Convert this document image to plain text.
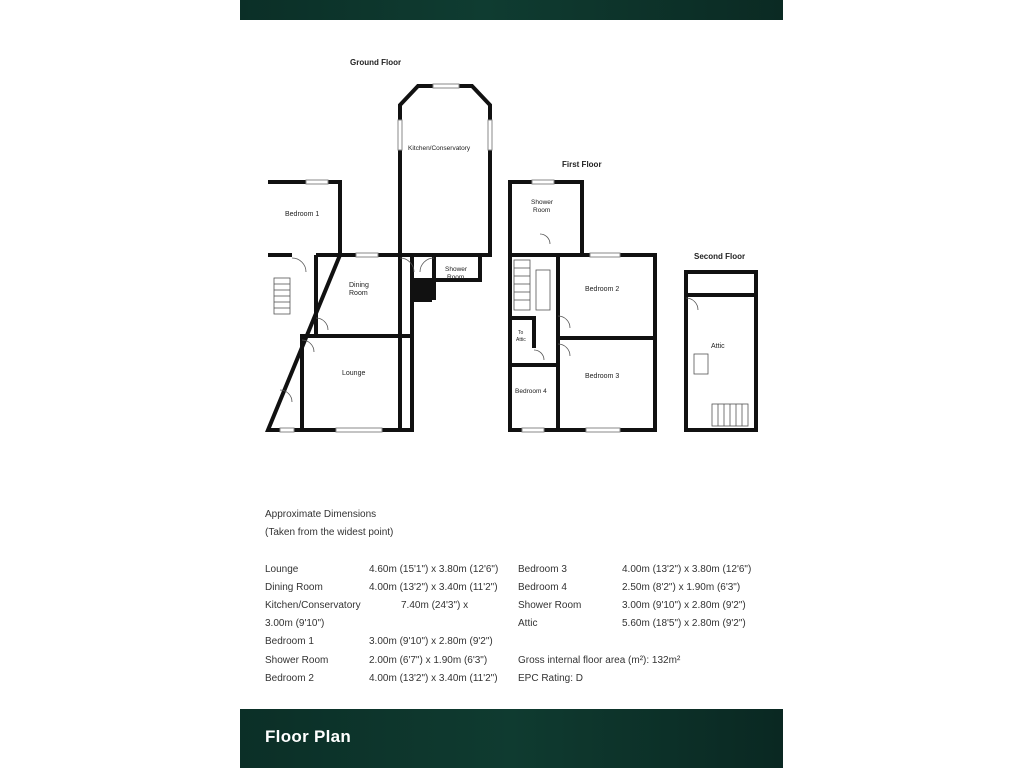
Ground Floor
First Floor
Second Floor
Kitchen/Conservatory
Bedroom 1
Dining
Room
Shower
Room
Lounge
Shower
Room
Bedroom 2
To
Attic
Bedroom 3
Bedroom 4
Attic
Approximate Dimensions
(Taken from the widest point)
Lounge	4.60m (15'1") x 3.80m (12'6")
Dining Room	4.00m (13'2") x 3.40m (11'2")
Kitchen/Conservatory	7.40m (24'3") x
3.00m (9'10")
Bedroom 1	3.00m (9'10") x 2.80m (9'2")
Shower Room	2.00m (6'7") x 1.90m (6'3")
Bedroom 2	4.00m (13'2") x 3.40m (11'2")
Bedroom 3	4.00m (13'2") x 3.80m (12'6")
Bedroom 4	2.50m (8'2") x 1.90m (6'3")
Shower Room	3.00m (9'10") x 2.80m (9'2")
Attic	5.60m (18'5") x 2.80m (9'2")
Gross internal floor area (m²): 132m²
EPC Rating: D
Floor Plan
